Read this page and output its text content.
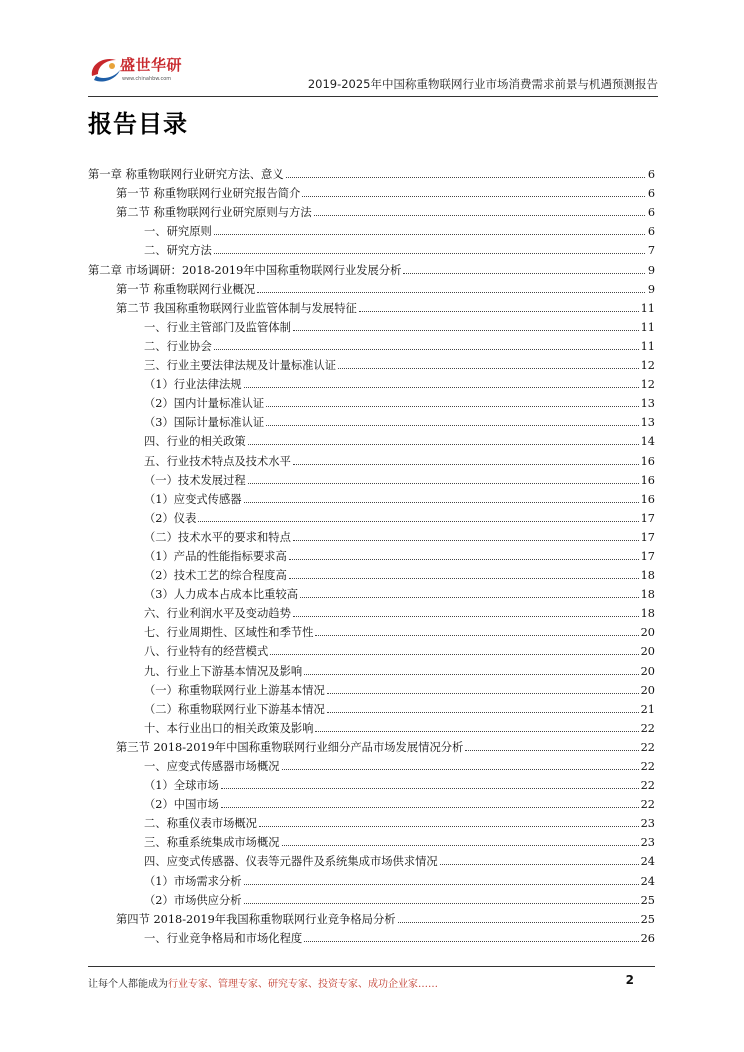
盛世华研
www.chinahbw.com	2019-2025年中国称重物联网行业市场消费需求前景与机遇预测报告
报告目录
第一章 称重物联网行业研究方法、意义	6
第一节 称重物联网行业研究报告简介	6
第二节 称重物联网行业研究原则与方法	6
一、研究原则	6
二、研究方法	7
第二章 市场调研：2018-2019年中国称重物联网行业发展分析	9
第一节 称重物联网行业概况	9
第二节 我国称重物联网行业监管体制与发展特征	11
一、行业主管部门及监管体制	11
二、行业协会	11
三、行业主要法律法规及计量标准认证	12
（1）行业法律法规	12
（2）国内计量标准认证	13
（3）国际计量标准认证	13
四、行业的相关政策	14
五、行业技术特点及技术水平	16
（一）技术发展过程	16
（1）应变式传感器	16
（2）仪表	17
（二）技术水平的要求和特点	17
（1）产品的性能指标要求高	17
（2）技术工艺的综合程度高	18
（3）人力成本占成本比重较高	18
六、行业利润水平及变动趋势	18
七、行业周期性、区域性和季节性	20
八、行业特有的经营模式	20
九、行业上下游基本情况及影响	20
（一）称重物联网行业上游基本情况	20
（二）称重物联网行业下游基本情况	21
十、本行业出口的相关政策及影响	22
第三节 2018-2019年中国称重物联网行业细分产品市场发展情况分析	22
一、应变式传感器市场概况	22
（1）全球市场	22
（2）中国市场	22
二、称重仪表市场概况	23
三、称重系统集成市场概况	23
四、应变式传感器、仪表等元器件及系统集成市场供求情况	24
（1）市场需求分析	24
（2）市场供应分析	25
第四节 2018-2019年我国称重物联网行业竞争格局分析	25
一、行业竞争格局和市场化程度	26
让每个人都能成为行业专家、管理专家、研究专家、投资专家、成功企业家……	2
